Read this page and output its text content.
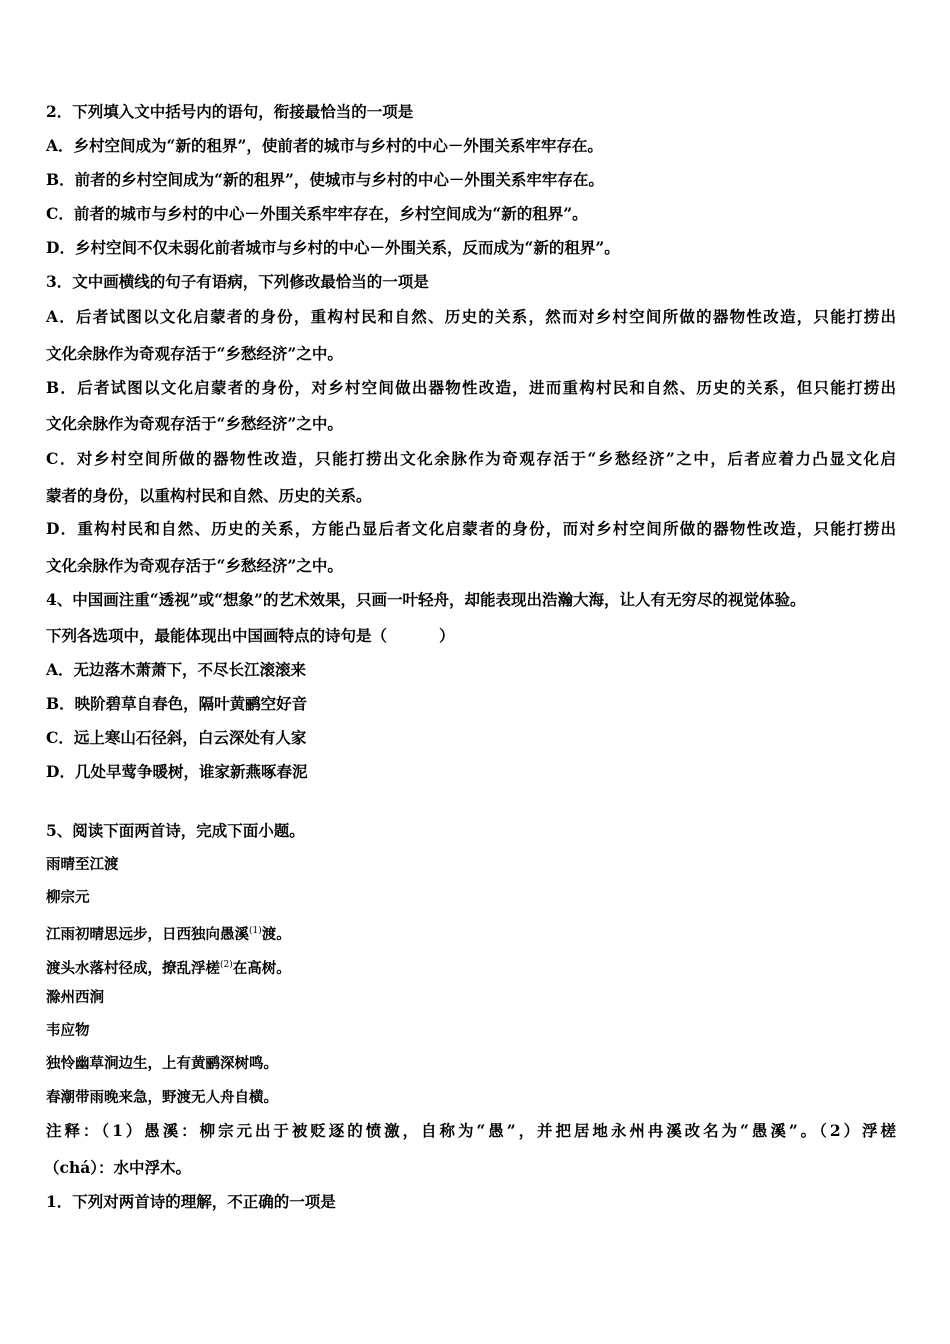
2．下列填入文中括号内的语句，衔接最恰当的一项是
A．乡村空间成为“新的租界”，使前者的城市与乡村的中心－外围关系牢牢存在。
B．前者的乡村空间成为“新的租界”，使城市与乡村的中心－外围关系牢牢存在。
C．前者的城市与乡村的中心－外围关系牢牢存在，乡村空间成为“新的租界”。
D．乡村空间不仅未弱化前者城市与乡村的中心－外围关系，反而成为“新的租界”。
3．文中画横线的句子有语病，下列修改最恰当的一项是
A．后者试图以文化启蒙者的身份，重构村民和自然、历史的关系，然而对乡村空间所做的器物性改造，只能打捞出
文化余脉作为奇观存活于“乡愁经济”之中。
B．后者试图以文化启蒙者的身份，对乡村空间做出器物性改造，进而重构村民和自然、历史的关系，但只能打捞出
文化余脉作为奇观存活于“乡愁经济”之中。
C．对乡村空间所做的器物性改造，只能打捞出文化余脉作为奇观存活于“乡愁经济”之中，后者应着力凸显文化启
蒙者的身份，以重构村民和自然、历史的关系。
D．重构村民和自然、历史的关系，方能凸显后者文化启蒙者的身份，而对乡村空间所做的器物性改造，只能打捞出
文化余脉作为奇观存活于“乡愁经济”之中。
4、中国画注重“透视”或“想象”的艺术效果，只画一叶轻舟，却能表现出浩瀚大海，让人有无穷尽的视觉体验。
下列各选项中，最能体现出中国画特点的诗句是（	）
A．无边落木萧萧下，不尽长江滚滚来
B．映阶碧草自春色，隔叶黄鹂空好音
C．远上寒山石径斜，白云深处有人家
D．几处早莺争暖树，谁家新燕啄春泥
5、阅读下面两首诗，完成下面小题。
雨晴至江渡
柳宗元
江雨初晴思远步，日西独向愚溪$^{(1)}$渡。
渡头水落村径成，撩乱浮槎$^{(2)}$在高树。
滁州西涧
韦应物
独怜幽草涧边生，上有黄鹂深树鸣。
春潮带雨晚来急，野渡无人舟自横。
注释：（1）愚溪：柳宗元出于被贬逐的愤激，自称为“愚”，并把居地永州冉溪改名为“愚溪”。（2）浮槎
（chá）：水中浮木。
1．下列对两首诗的理解，不正确的一项是
